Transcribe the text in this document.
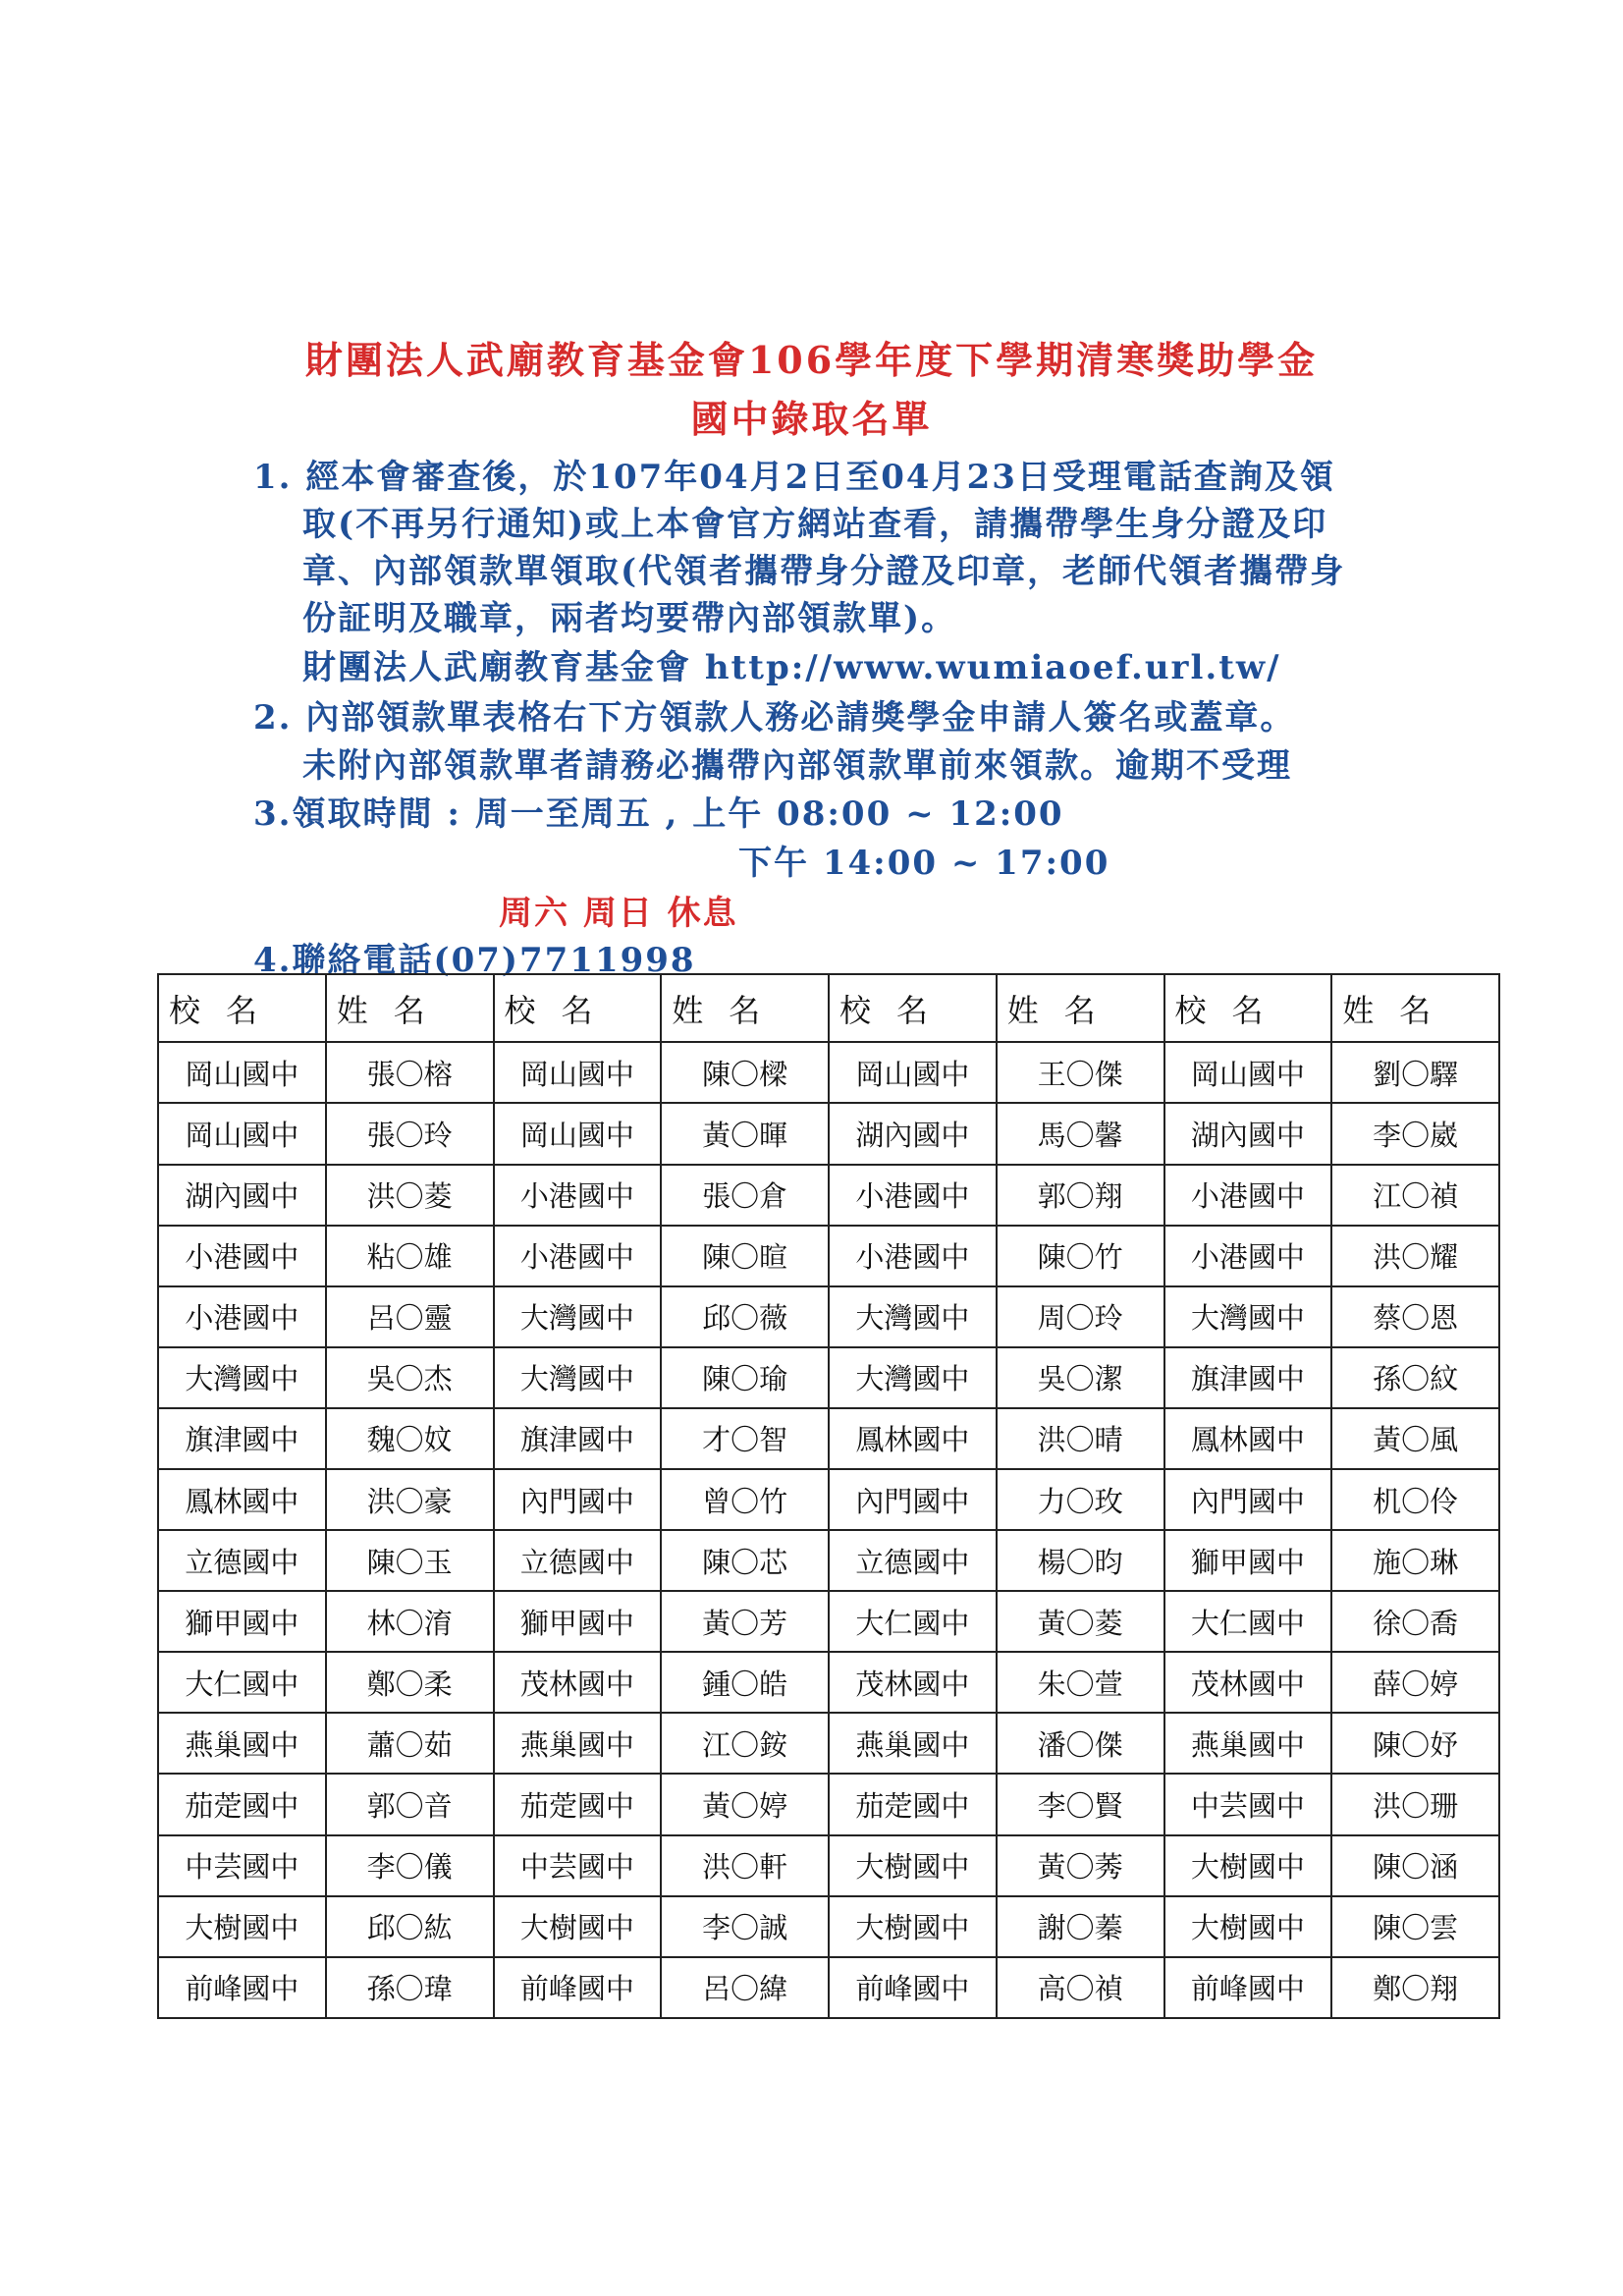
財團法人武廟教育基金會106學年度下學期清寒獎助學金
國中錄取名單
1. 經本會審查後，於107年04月2日至04月23日受理電話查詢及領
取(不再另行通知)或上本會官方網站查看，請攜帶學生身分證及印
章、內部領款單領取(代領者攜帶身分證及印章，老師代領者攜帶身
份証明及職章，兩者均要帶內部領款單)。
財團法人武廟教育基金會 http://www.wumiaoef.url.tw/
2. 內部領款單表格右下方領款人務必請獎學金申請人簽名或蓋章。
未附內部領款單者請務必攜帶內部領款單前來領款。逾期不受理
3.領取時間 : 周一至周五 , 上午 08:00 ~ 12:00
下午 14:00 ~ 17:00
周六 周日 休息
4.聯絡電話(07)7711998
校名	姓名	校名	姓名	校名	姓名	校名	姓名
岡山國中	張〇榕	岡山國中	陳〇樑	岡山國中	王〇傑	岡山國中	劉〇驛
岡山國中	張〇玲	岡山國中	黃〇暉	湖內國中	馬〇馨	湖內國中	李〇崴
湖內國中	洪〇菱	小港國中	張〇倉	小港國中	郭〇翔	小港國中	江〇禎
小港國中	粘〇雄	小港國中	陳〇暄	小港國中	陳〇竹	小港國中	洪〇耀
小港國中	呂〇靈	大灣國中	邱〇薇	大灣國中	周〇玲	大灣國中	蔡〇恩
大灣國中	吳〇杰	大灣國中	陳〇瑜	大灣國中	吳〇潔	旗津國中	孫〇紋
旗津國中	魏〇妏	旗津國中	才〇智	鳳林國中	洪〇晴	鳳林國中	黃〇風
鳳林國中	洪〇豪	內門國中	曾〇竹	內門國中	力〇玫	內門國中	机〇伶
立德國中	陳〇玉	立德國中	陳〇芯	立德國中	楊〇昀	獅甲國中	施〇琳
獅甲國中	林〇淯	獅甲國中	黃〇芳	大仁國中	黃〇菱	大仁國中	徐〇喬
大仁國中	鄭〇柔	茂林國中	鍾〇皓	茂林國中	朱〇萱	茂林國中	薛〇婷
燕巢國中	蕭〇茹	燕巢國中	江〇銨	燕巢國中	潘〇傑	燕巢國中	陳〇妤
茄萣國中	郭〇音	茄萣國中	黃〇婷	茄萣國中	李〇賢	中芸國中	洪〇珊
中芸國中	李〇儀	中芸國中	洪〇軒	大樹國中	黃〇莠	大樹國中	陳〇涵
大樹國中	邱〇紘	大樹國中	李〇誠	大樹國中	謝〇蓁	大樹國中	陳〇雲
前峰國中	孫〇瑋	前峰國中	呂〇緯	前峰國中	高〇禎	前峰國中	鄭〇翔
